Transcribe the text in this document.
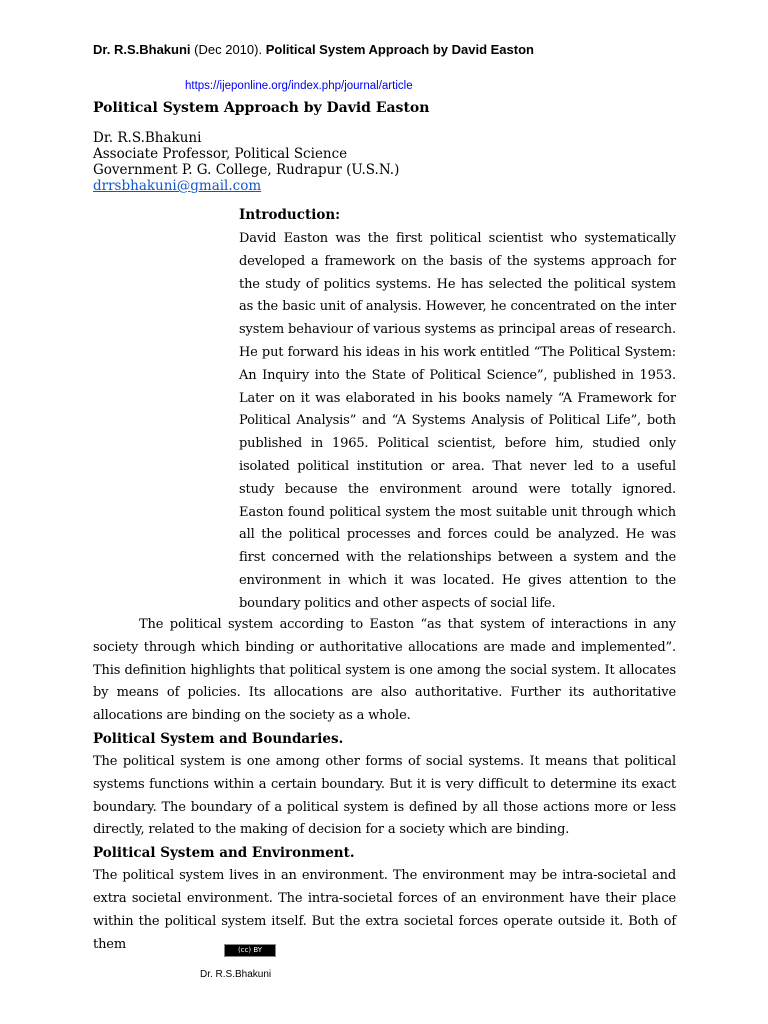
Dr. R.S.Bhakuni (Dec 2010). Political System Approach by David Easton
https://ijeponline.org/index.php/journal/article
Political System Approach by David Easton
Dr. R.S.Bhakuni
Associate Professor, Political Science
Government P. G. College, Rudrapur (U.S.N.)
drrsbhakuni@gmail.com
Introduction:

David Easton was the first political scientist who systematically developed a framework on the basis of the systems approach for the study of politics systems. He has selected the political system as the basic unit of analysis. However, he concentrated on the inter system behaviour of various systems as principal areas of research. He put forward his ideas in his work entitled “The Political System: An Inquiry into the State of Political Science”, published in 1953. Later on it was elaborated in his books namely “A Framework for Political Analysis” and “A Systems Analysis of Political Life”, both published in 1965. Political scientist, before him, studied only isolated political institution or area. That never led to a useful study because the environment around were totally ignored. Easton found political system the most suitable unit through which all the political processes and forces could be analyzed. He was first concerned with the relationships between a system and the environment in which it was located. He gives attention to the boundary politics and other aspects of social life.

The political system according to Easton “as that system of interactions in any society through which binding or authoritative allocations are made and implemented”. This definition highlights that political system is one among the social system. It allocates by means of policies. Its allocations are also authoritative. Further its authoritative allocations are binding on the society as a whole.

Political System and Boundaries.

The political system is one among other forms of social systems. It means that political systems functions within a certain boundary. But it is very difficult to determine its exact boundary. The boundary of a political system is defined by all those actions more or less directly, related to the making of decision for a society which are binding.

Political System and Environment.

The political system lives in an environment. The environment may be intra-societal and extra societal environment. The intra-societal forces of an environment have their place within the political system itself. But the extra societal forces operate outside it. Both of them	(cc) BY
Dr. R.S.Bhakuni
